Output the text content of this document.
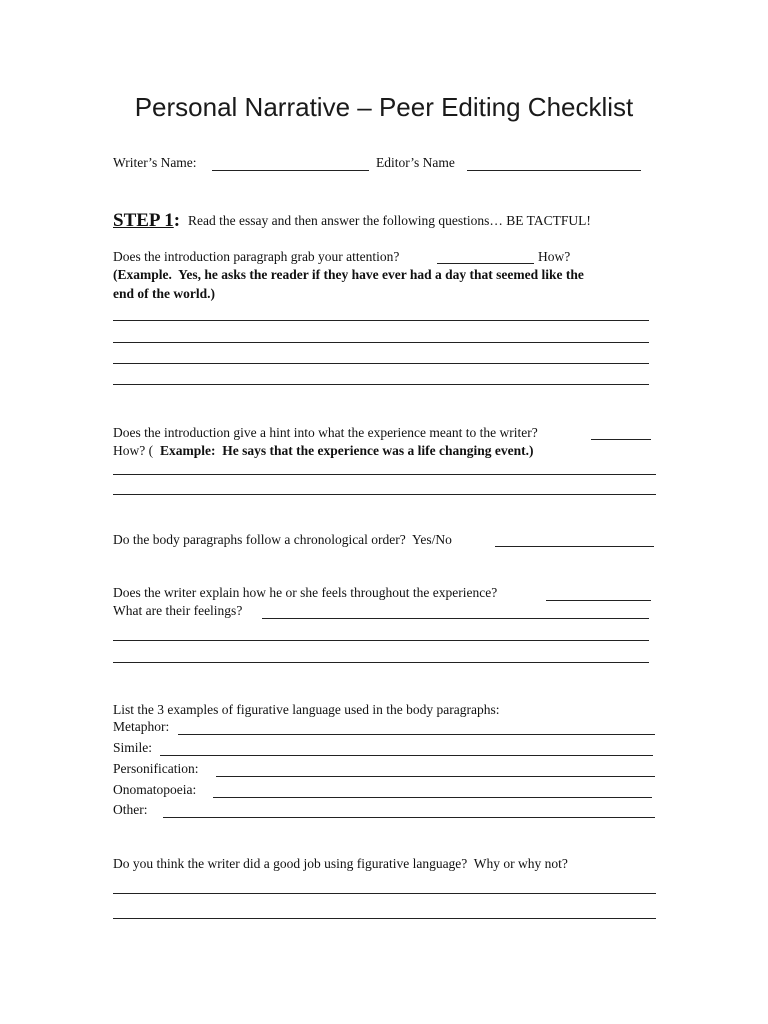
Personal Narrative – Peer Editing Checklist
Writer’s Name:	Editor’s Name
STEP 1: Read the essay and then answer the following questions… BE TACTFUL!
Does the introduction paragraph grab your attention?	How?
(Example.  Yes, he asks the reader if they have ever had a day that seemed like the
end of the world.)
Does the introduction give a hint into what the experience meant to the writer?
How? ( Example:  He says that the experience was a life changing event.)
Do the body paragraphs follow a chronological order?  Yes/No
Does the writer explain how he or she feels throughout the experience?
What are their feelings?
List the 3 examples of figurative language used in the body paragraphs:
Metaphor:
Simile:
Personification:
Onomatopoeia:
Other:
Do you think the writer did a good job using figurative language?  Why or why not?
